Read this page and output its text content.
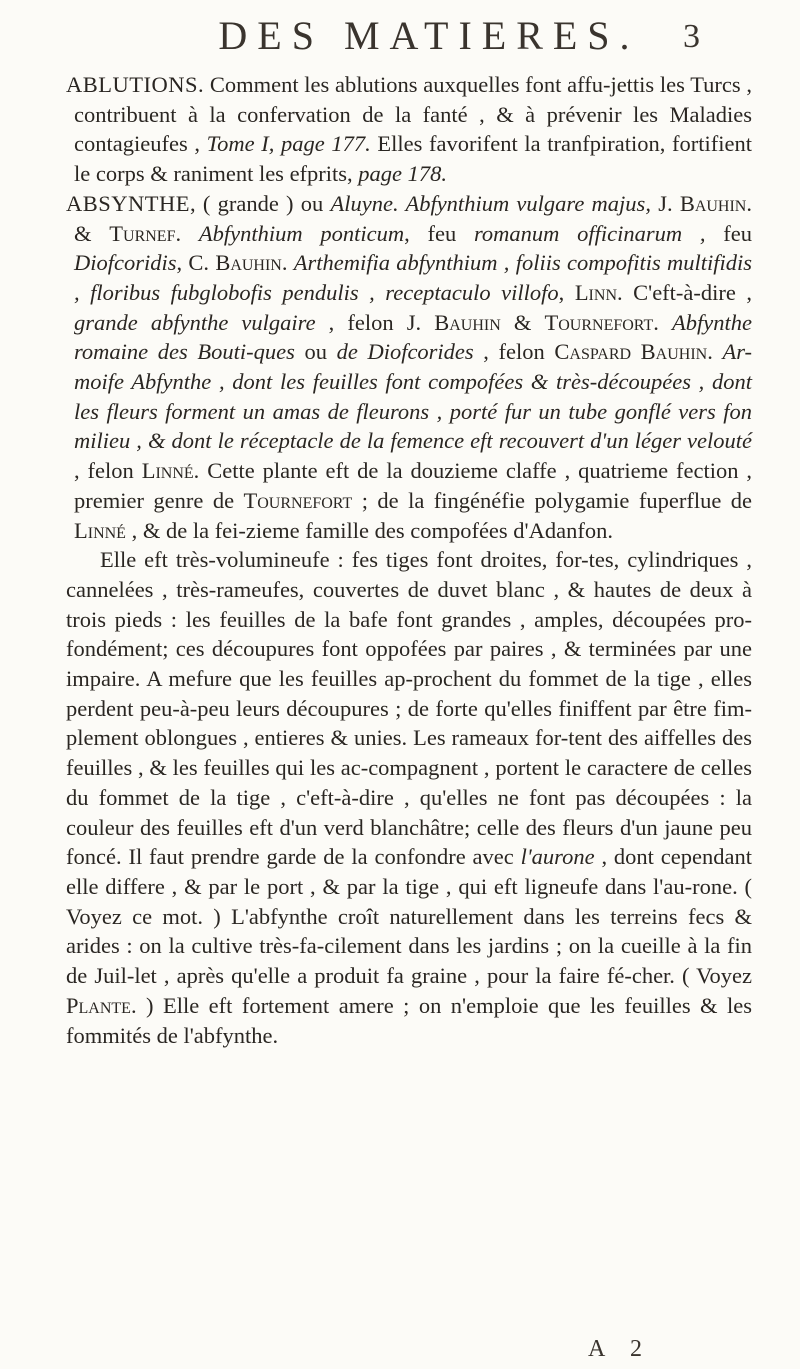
DES MATIERES. 3

ABLUTIONS. Comment les ablutions auxquelles font affu-jettis les Turcs , contribuent à la confervation de la fanté , & à prévenir les Maladies contagieufes , Tome I, page 177. Elles favorifent la tranfpiration, fortifient le corps & raniment les efprits, page 178.

ABSYNTHE, ( grande ) ou Aluyne. Abfynthium vulgare majus, J. Bauhin. & Turnef. Abfynthium ponticum, feu romanum officinarum , feu Diofcoridis, C. Bauhin. Arthemifia abfynthium , foliis compofitis multifidis , floribus fubglobofis pendulis , receptaculo villofo, Linn. C'eft-à-dire , grande abfynthe vulgaire , felon J. Bauhin & Tournefort. Abfynthe romaine des Bouti-ques ou de Diofcorides , felon Caspard Bauhin. Ar-moife Abfynthe , dont les feuilles font compofées & très-découpées , dont les fleurs forment un amas de fleurons , porté fur un tube gonflé vers fon milieu , & dont le réceptacle de la femence eft recouvert d'un léger velouté , felon Linné. Cette plante eft de la douzieme claffe , quatrieme fection , premier genre de Tournefort ; de la fingénéfie polygamie fuperflue de Linné , & de la fei-zieme famille des compofées d'Adanfon.

Elle eft très-volumineufe : fes tiges font droites, for-tes, cylindriques , cannelées , très-rameufes, couvertes de duvet blanc , & hautes de deux à trois pieds : les feuilles de la bafe font grandes , amples, découpées pro-fondément; ces découpures font oppofées par paires , & terminées par une impaire. A mefure que les feuilles ap-prochent du fommet de la tige , elles perdent peu-à-peu leurs découpures ; de forte qu'elles finiffent par être fim-plement oblongues , entieres & unies. Les rameaux for-tent des aiffelles des feuilles , & les feuilles qui les ac-compagnent , portent le caractere de celles du fommet de la tige , c'eft-à-dire , qu'elles ne font pas découpées : la couleur des feuilles eft d'un verd blanchâtre; celle des fleurs d'un jaune peu foncé. Il faut prendre garde de la confondre avec l'aurone , dont cependant elle differe , & par le port , & par la tige , qui eft ligneufe dans l'au-rone. ( Voyez ce mot. ) L'abfynthe croît naturellement dans les terreins fecs & arides : on la cultive très-fa-cilement dans les jardins ; on la cueille à la fin de Juil-let , après qu'elle a produit fa graine , pour la faire fé-cher. ( Voyez Plante. ) Elle eft fortement amere ; on n'emploie que les feuilles & les fommités de l'abfynthe.

A 2
